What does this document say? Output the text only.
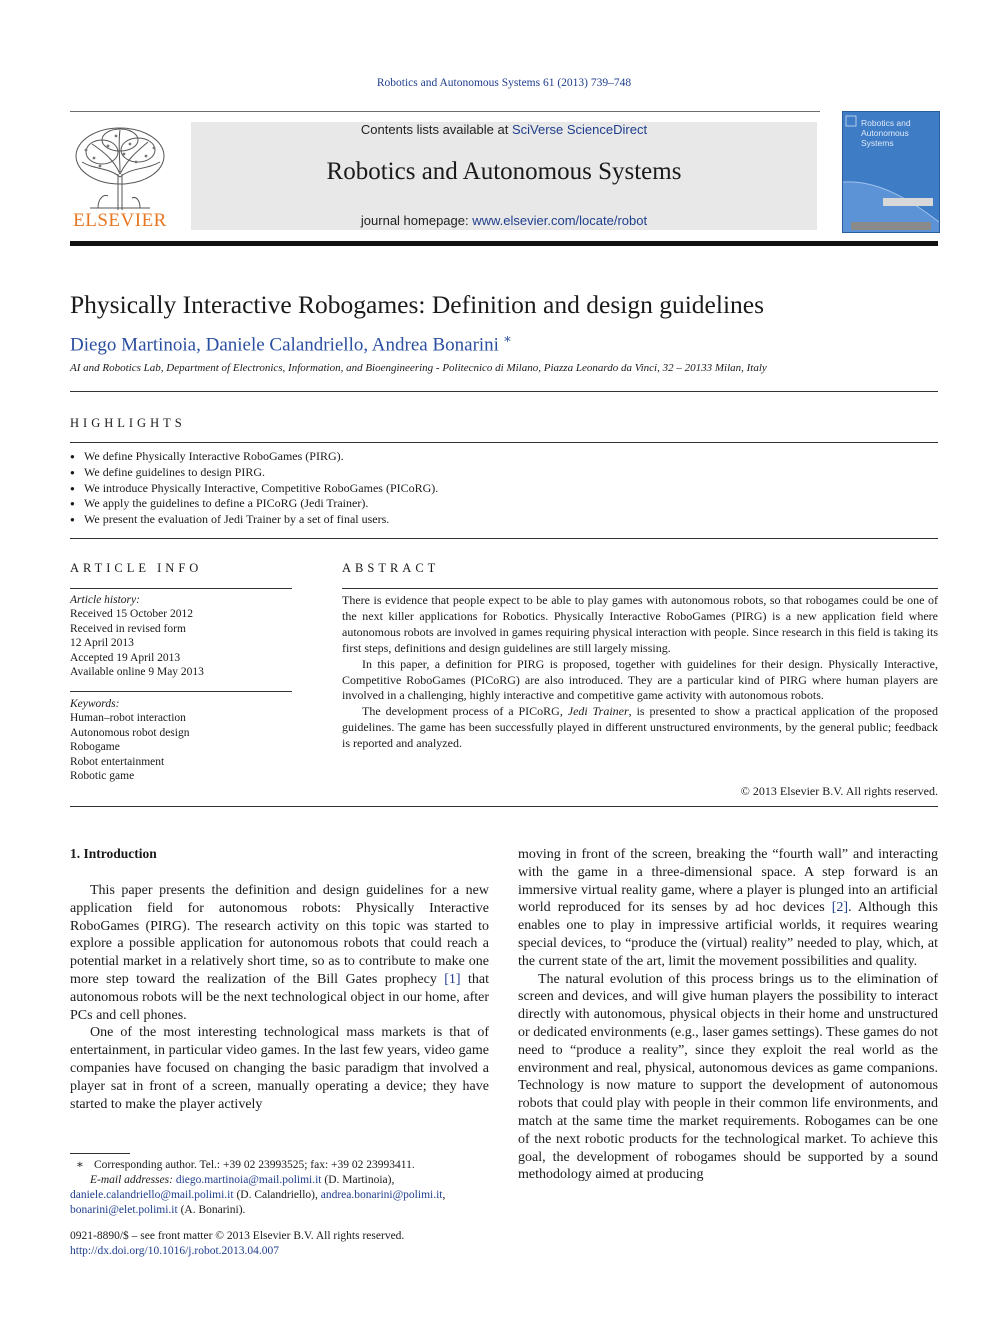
Robotics and Autonomous Systems 61 (2013) 739–748
ELSEVIER
Contents lists available at SciVerse ScienceDirect
Robotics and Autonomous Systems
journal homepage: www.elsevier.com/locate/robot
Robotics and Autonomous Systems
Physically Interactive Robogames: Definition and design guidelines
Diego Martinoia, Daniele Calandriello, Andrea Bonarini ∗
AI and Robotics Lab, Department of Electronics, Information, and Bioengineering - Politecnico di Milano, Piazza Leonardo da Vinci, 32 – 20133 Milan, Italy
HIGHLIGHTS
● We define Physically Interactive RoboGames (PIRG).
● We define guidelines to design PIRG.
● We introduce Physically Interactive, Competitive RoboGames (PICoRG).
● We apply the guidelines to define a PICoRG (Jedi Trainer).
● We present the evaluation of Jedi Trainer by a set of final users.
ARTICLE INFO
Article history:
Received 15 October 2012
Received in revised form
12 April 2013
Accepted 19 April 2013
Available online 9 May 2013
Keywords:
Human–robot interaction
Autonomous robot design
Robogame
Robot entertainment
Robotic game
ABSTRACT

There is evidence that people expect to be able to play games with autonomous robots, so that robogames could be one of the next killer applications for Robotics. Physically Interactive RoboGames (PIRG) is a new application field where autonomous robots are involved in games requiring physical interaction with people. Since research in this field is taking its first steps, definitions and design guidelines are still largely missing.

In this paper, a definition for PIRG is proposed, together with guidelines for their design. Physically Interactive, Competitive RoboGames (PICoRG) are also introduced. They are a particular kind of PIRG where human players are involved in a challenging, highly interactive and competitive game activity with autonomous robots.

The development process of a PICoRG, Jedi Trainer, is presented to show a practical application of the proposed guidelines. The game has been successfully played in different unstructured environments, by the general public; feedback is reported and analyzed.

© 2013 Elsevier B.V. All rights reserved.
1. Introduction

This paper presents the definition and design guidelines for a new application field for autonomous robots: Physically Interactive RoboGames (PIRG). The research activity on this topic was started to explore a possible application for autonomous robots that could reach a potential market in a relatively short time, so as to contribute to make one more step toward the realization of the Bill Gates prophecy [1] that autonomous robots will be the next technological object in our home, after PCs and cell phones.

One of the most interesting technological mass markets is that of entertainment, in particular video games. In the last few years, video game companies have focused on changing the basic paradigm that involved a player sat in front of a screen, manually operating a device; they have started to make the player actively

moving in front of the screen, breaking the “fourth wall” and interacting with the game in a three-dimensional space. A step forward is an immersive virtual reality game, where a player is plunged into an artificial world reproduced for its senses by ad hoc devices [2]. Although this enables one to play in impressive artificial worlds, it requires wearing special devices, to “produce the (virtual) reality” needed to play, which, at the current state of the art, limit the movement possibilities and quality.

The natural evolution of this process brings us to the elimination of screen and devices, and will give human players the possibility to interact directly with autonomous, physical objects in their home and unstructured or dedicated environments (e.g., laser games settings). These games do not need to “produce a reality”, since they exploit the real world as the environment and real, physical, autonomous devices as game companions. Technology is now mature to support the development of autonomous robots that could play with people in their common life environments, and match at the same time the market requirements. Robogames can be one of the next robotic products for the technological market. To achieve this goal, the development of robogames should be supported by a sound methodology aimed at producing

∗ Corresponding author. Tel.: +39 02 23993525; fax: +39 02 23993411.
E-mail addresses: diego.martinoia@mail.polimi.it (D. Martinoia),
daniele.calandriello@mail.polimi.it (D. Calandriello), andrea.bonarini@polimi.it,
bonarini@elet.polimi.it (A. Bonarini).
0921-8890/$ – see front matter © 2013 Elsevier B.V. All rights reserved.
http://dx.doi.org/10.1016/j.robot.2013.04.007
